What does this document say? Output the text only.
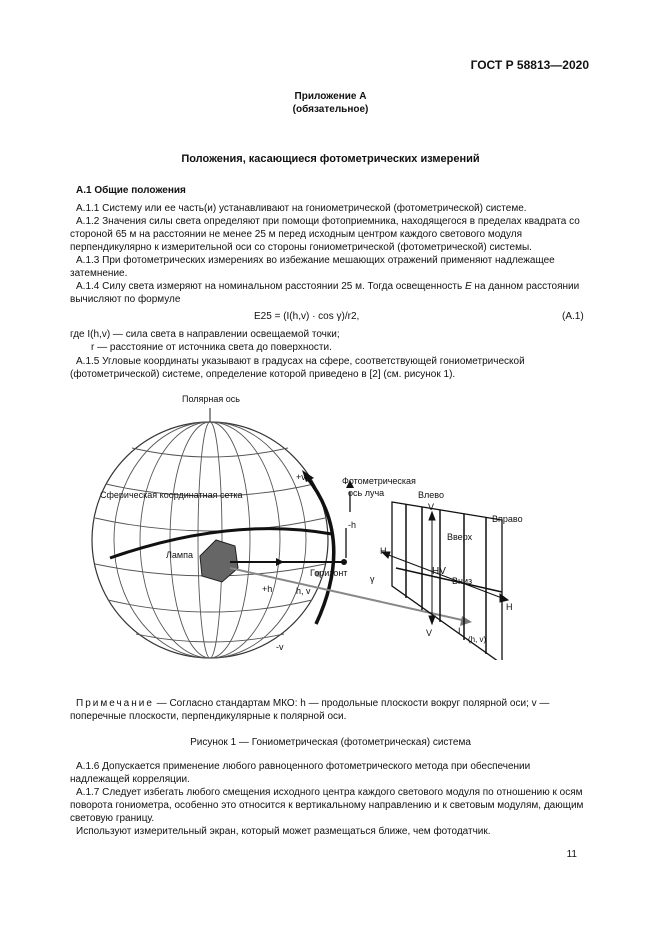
ГОСТ Р 58813—2020
Приложение А
(обязательное)
Положения, касающиеся фотометрических измерений
А.1 Общие положения
А.1.1 Систему или ее часть(и) устанавливают на гониометрической (фотометрической) системе.
А.1.2 Значения силы света определяют при помощи фотоприемника, находящегося в пределах квадрата со стороной 65 м на расстоянии не менее 25 м перед исходным центром каждого светового модуля перпендикулярно к измерительной оси со стороны гониометрической (фотометрической) системы.
А.1.3 При фотометрических измерениях во избежание мешающих отражений применяют надлежащее затемнение.
А.1.4 Силу света измеряют на номинальном расстоянии 25 м. Тогда освещенность E на данном расстоянии вычисляют по формуле
E25 = (I(h,v) · cos γ)/r2,	(А.1)
где I(h,v) — сила света в направлении освещаемой точки;
r — расстояние от источника света до поверхности.
А.1.5 Угловые координаты указывают в градусах на сфере, соответствующей гониометрической (фотометрической) системе, определение которой приведено в [2] (см. рисунок 1).
Полярная ось
Сферическая координатная сетка
Лампа
Фотометрическая
ось луча	Влево
Вправо
Вверх
Вниз
Горизонт
+v
-v
+h
-h
h, v
γ
H
H
V
V
HV
I
(h, v)
Примечание — Согласно стандартам МКО: h — продольные плоскости вокруг полярной оси; v — поперечные плоскости, перпендикулярные к полярной оси.
Рисунок 1 — Гониометрическая (фотометрическая) система
А.1.6 Допускается применение любого равноценного фотометрического метода при обеспечении надлежащей корреляции.
А.1.7 Следует избегать любого смещения исходного центра каждого светового модуля по отношению к осям поворота гониометра, особенно это относится к вертикальному направлению и к световым модулям, дающим световую границу.
Используют измерительный экран, который может размещаться ближе, чем фотодатчик.
11
